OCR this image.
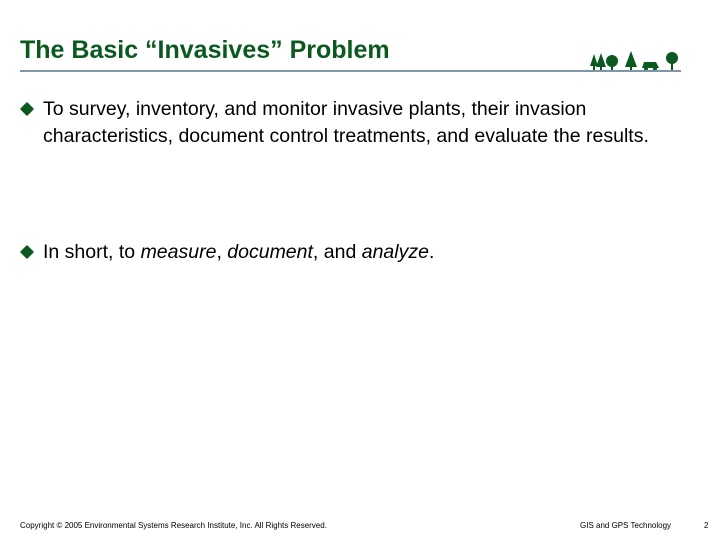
The Basic “Invasives” Problem
To survey, inventory, and monitor invasive plants, their invasion characteristics, document control treatments, and evaluate the results.
In short, to measure, document, and analyze.
Copyright © 2005 Environmental Systems Research Institute, Inc. All Rights Reserved.	GIS and GPS Technology	2
